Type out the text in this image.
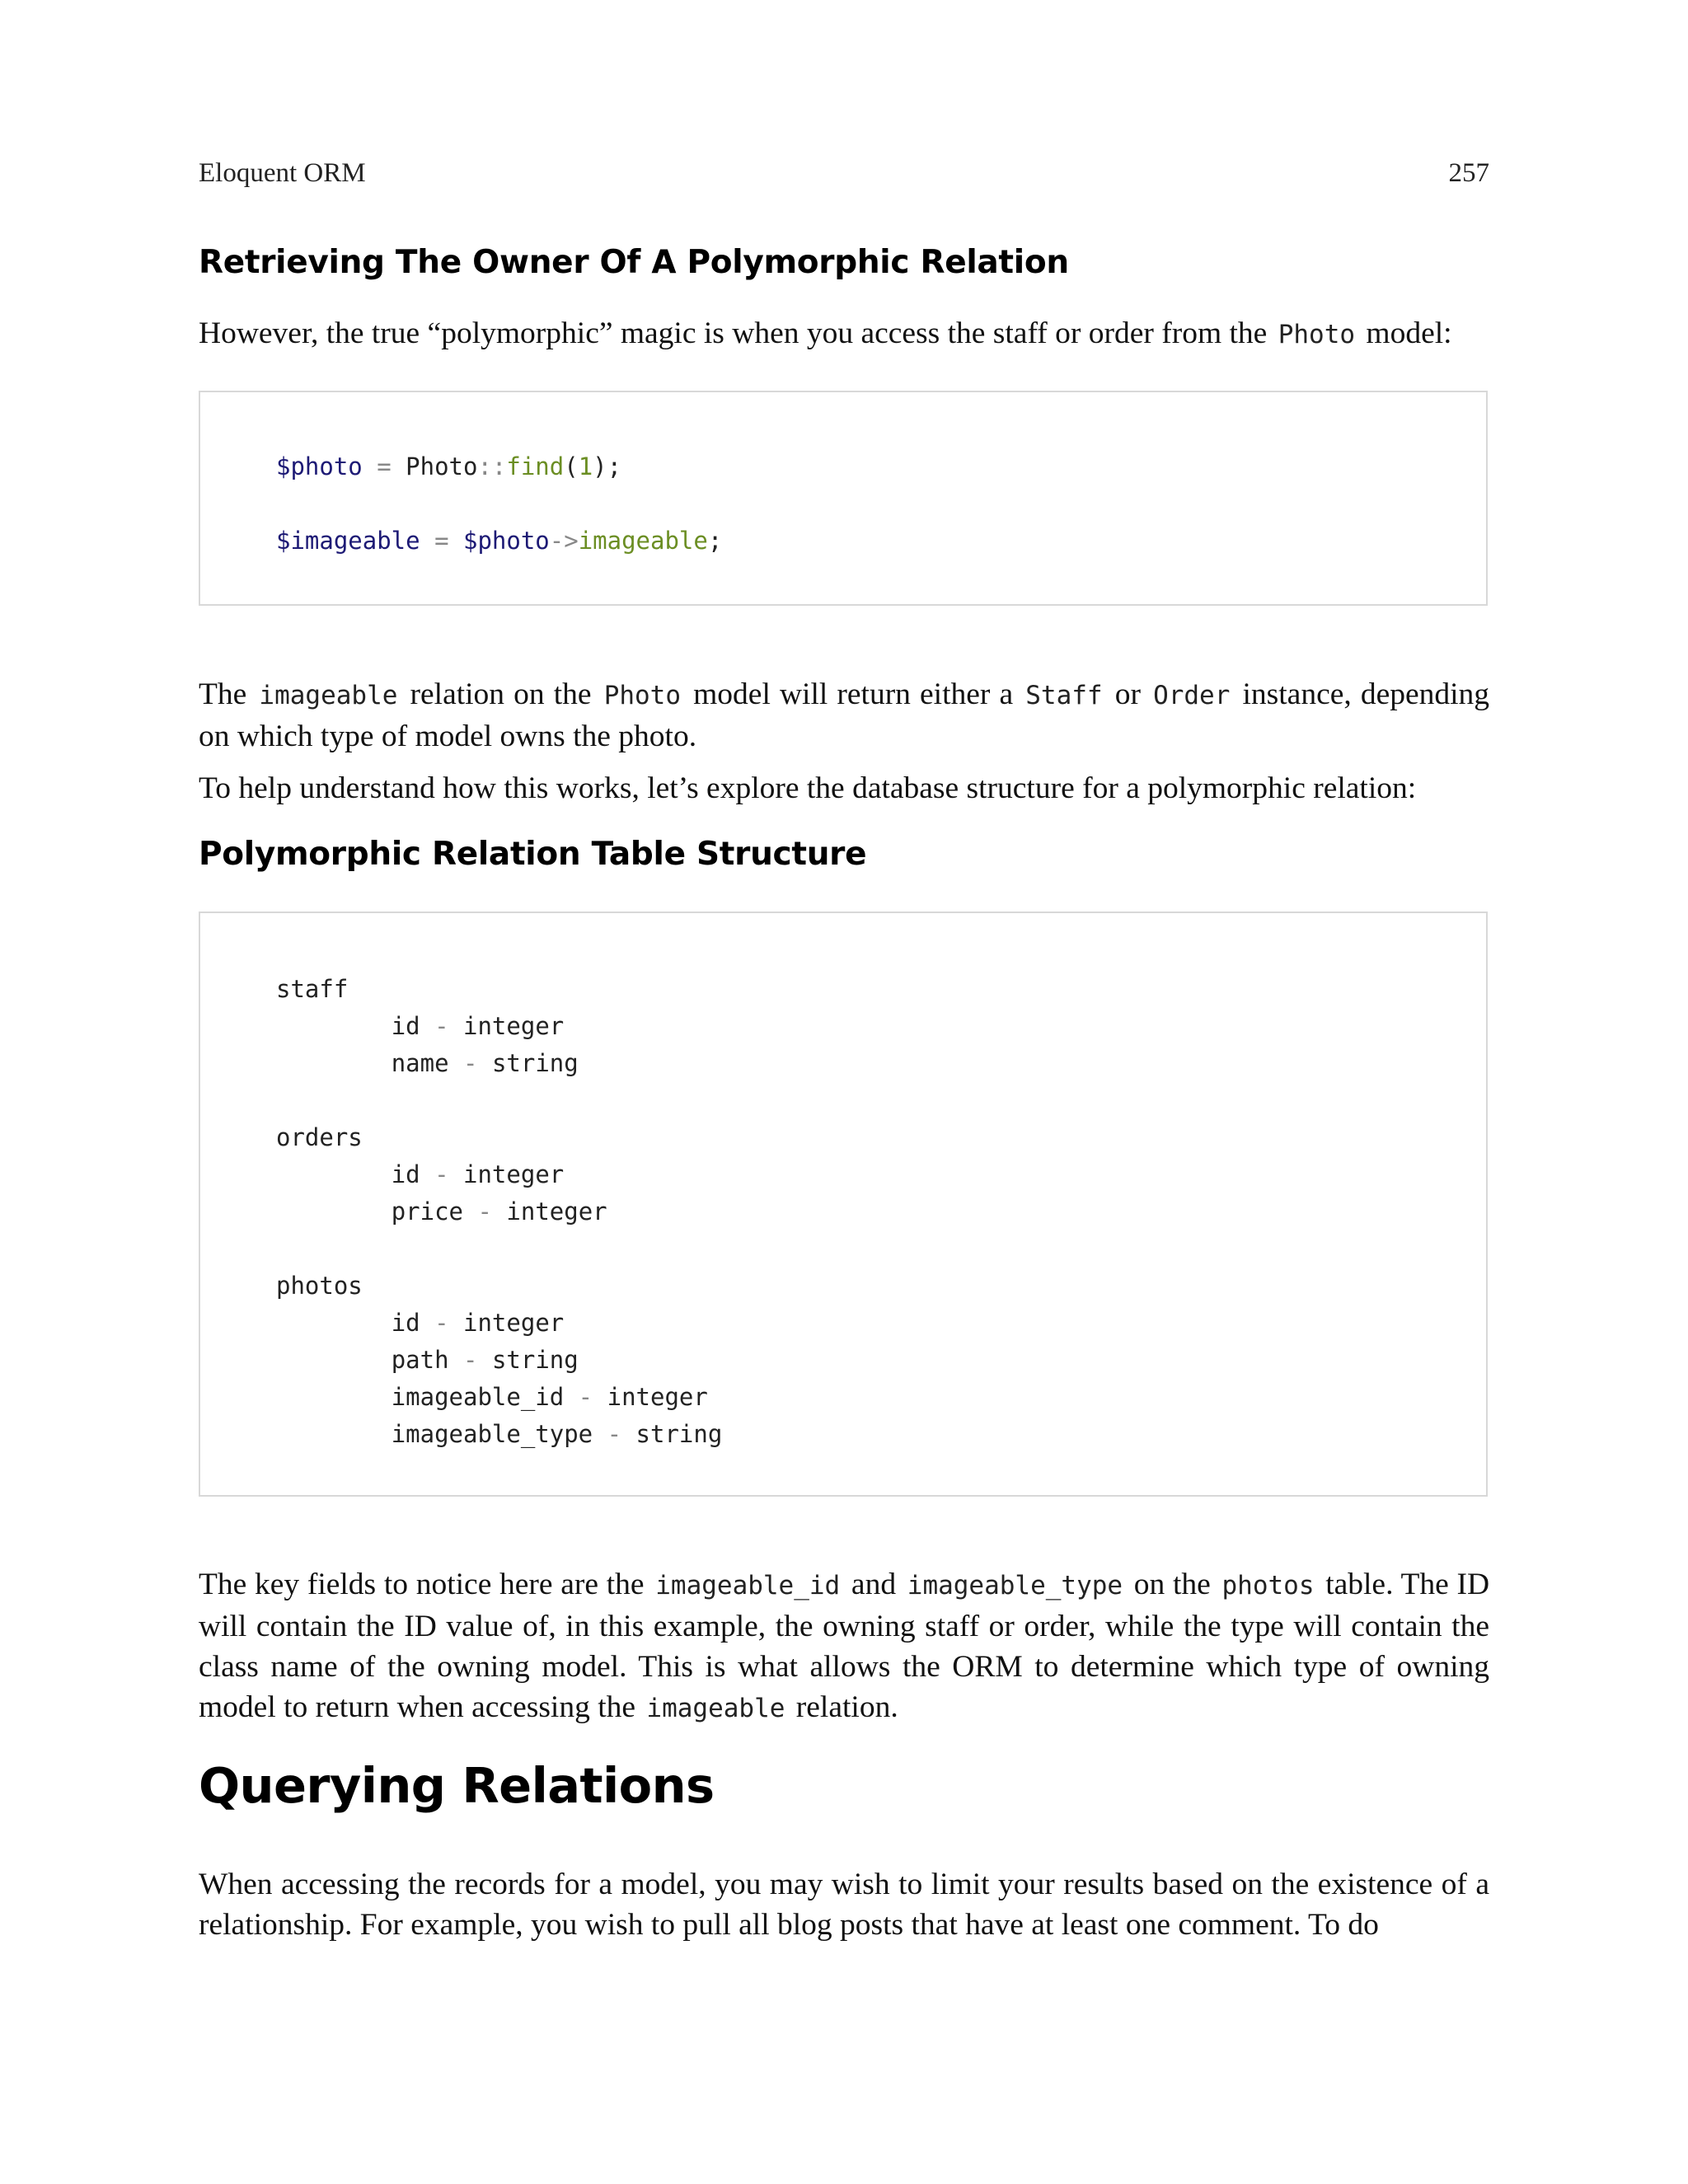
Eloquent ORM	257
Retrieving The Owner Of A Polymorphic Relation

However, the true “polymorphic” magic is when you access the staff or order from the Photo model:

$photo = Photo::find(1);

$imageable = $photo->imageable;

The imageable relation on the Photo model will return either a Staff or Order instance, depending on which type of model owns the photo.

To help understand how this works, let’s explore the database structure for a polymorphic relation:

Polymorphic Relation Table Structure
staff
id - integer
name - string

orders
id - integer
price - integer

photos
id - integer
path - string
imageable_id - integer
imageable_type - string

The key fields to notice here are the imageable_id and imageable_type on the photos table. The ID will contain the ID value of, in this example, the owning staff or order, while the type will contain the class name of the owning model. This is what allows the ORM to determine which type of owning model to return when accessing the imageable relation.

Querying Relations

When accessing the records for a model, you may wish to limit your results based on the existence of a relationship. For example, you wish to pull all blog posts that have at least one comment. To do
